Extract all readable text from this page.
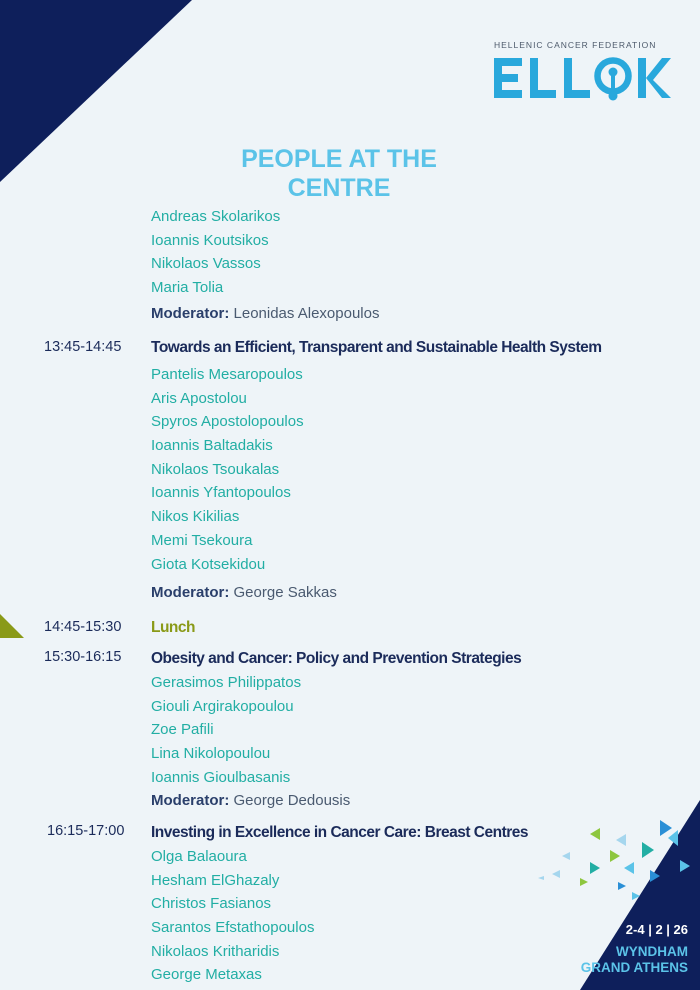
HELLENIC CANCER FEDERATION
PEOPLE AT THE CENTRE
Andreas Skolarikos
Ioannis Koutsikos
Nikolaos Vassos
Maria Tolia
Moderator: Leonidas Alexopoulos
13:45-14:45 Towards an Efficient, Transparent and Sustainable Health System
Pantelis Mesaropoulos
Aris Apostolou
Spyros Apostolopoulos
Ioannis Baltadakis
Nikolaos Tsoukalas
Ioannis Yfantopoulos
Nikos Kikilias
Memi Tsekoura
Giota Kotsekidou
Moderator: George Sakkas
14:45-15:30 Lunch
15:30-16:15 Obesity and Cancer: Policy and Prevention Strategies
Gerasimos Philippatos
Giouli Argirakopoulou
Zoe Pafili
Lina Nikolopoulou
Ioannis Gioulbasanis
Moderator: George Dedousis
16:15-17:00 Investing in Excellence in Cancer Care: Breast Centres
Olga Balaoura
Hesham ElGhazaly
Christos Fasianos
Sarantos Efstathopoulos
Nikolaos Kritharidis
George Metaxas
2-4 | 2 | 26
WYNDHAM
GRAND ATHENS
